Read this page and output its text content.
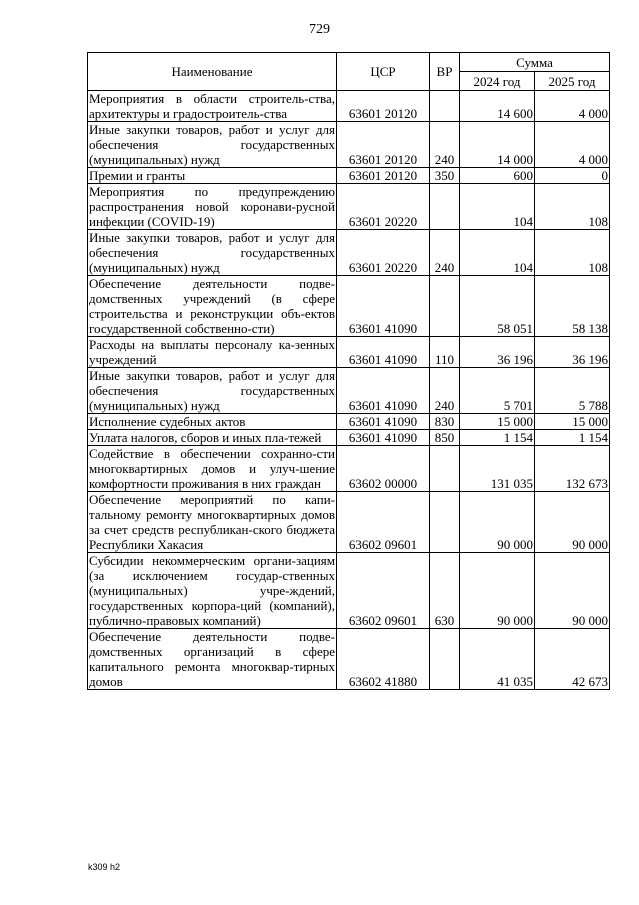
729
Наименование	ЦСР	ВР	Сумма	
			2024 год	2025 год
Мероприятия в области строитель-ства, архитектуры и градостроитель-ства	63601 20120		14 600	4 000
Иные закупки товаров, работ и услуг для обеспечения государственных (муниципальных) нужд	63601 20120	240	14 000	4 000
Премии и гранты	63601 20120	350	600	0
Мероприятия по предупреждению распространения новой коронави-русной инфекции (COVID-19)	63601 20220		104	108
Иные закупки товаров, работ и услуг для обеспечения государственных (муниципальных) нужд	63601 20220	240	104	108
Обеспечение деятельности подве-домственных учреждений (в сфере строительства и реконструкции объ-ектов государственной собственно-сти)	63601 41090		58 051	58 138
Расходы на выплаты персоналу ка-зенных учреждений	63601 41090	110	36 196	36 196
Иные закупки товаров, работ и услуг для обеспечения государственных (муниципальных) нужд	63601 41090	240	5 701	5 788
Исполнение судебных актов	63601 41090	830	15 000	15 000
Уплата налогов, сборов и иных пла-тежей	63601 41090	850	1 154	1 154
Содействие в обеспечении сохранно-сти многоквартирных домов и улуч-шение комфортности проживания в них граждан	63602 00000		131 035	132 673
Обеспечение мероприятий по капи-тальному ремонту многоквартирных домов за счет средств республикан-ского бюджета Республики Хакасия	63602 09601		90 000	90 000
Субсидии некоммерческим органи-зациям (за исключением государ-ственных (муниципальных) учре-ждений, государственных корпора-ций (компаний), публично-правовых компаний)	63602 09601	630	90 000	90 000
Обеспечение деятельности подве-домственных организаций в сфере капитального ремонта многоквар-тирных домов	63602 41880		41 035	42 673
k309 h2
